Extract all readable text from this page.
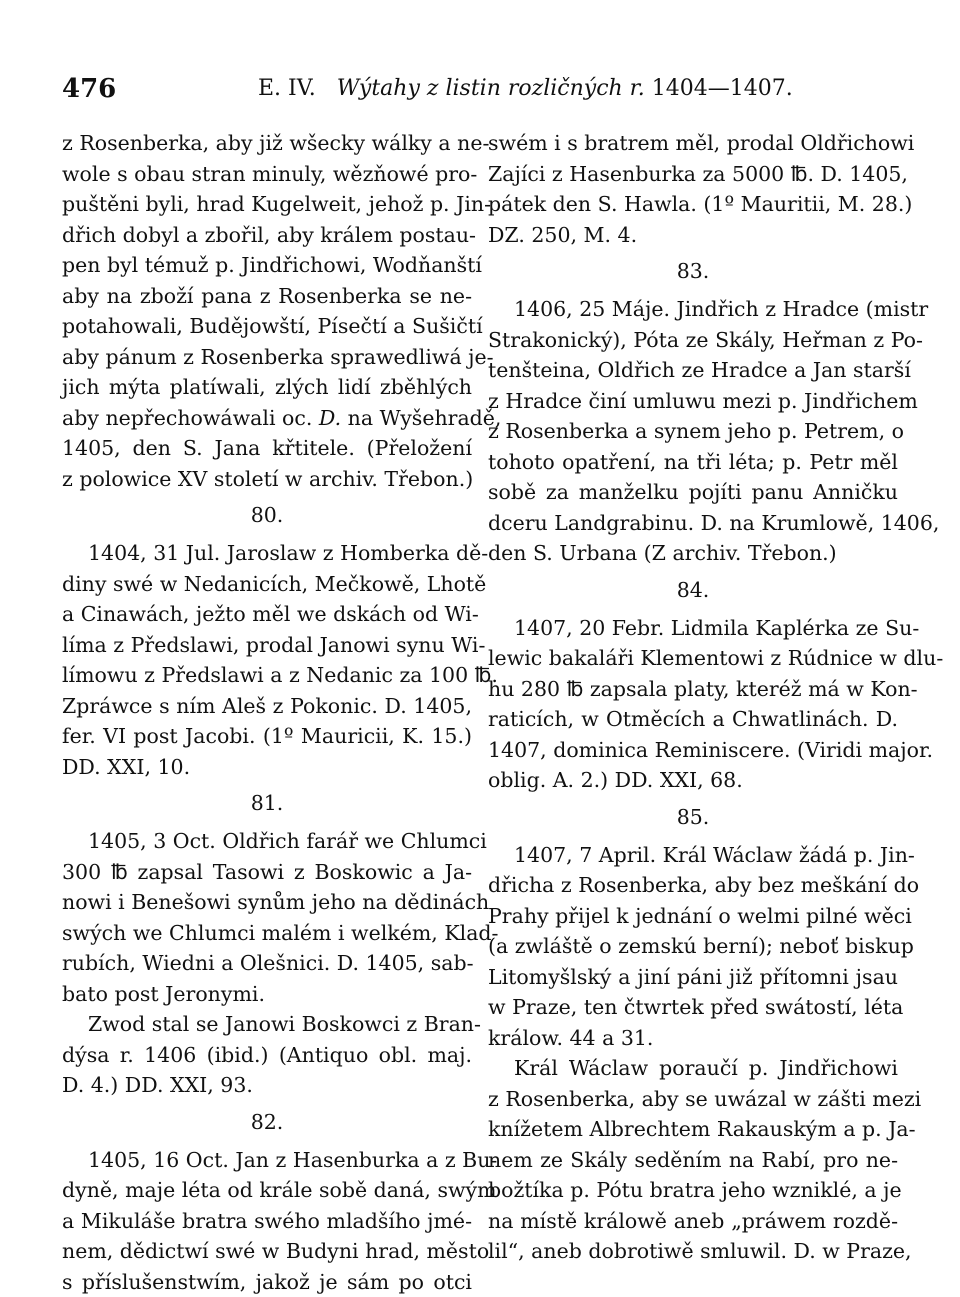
476	E. IV. Wýtahy z listin rozličných r. 1404—1407.
z Rosenberka, aby již wšecky wálky a ne-
wole s obau stran minuly, wězňowé pro-
puštěni byli, hrad Kugelweit, jehož p. Jin-
dřich dobyl a zbořil, aby králem postau-
pen byl témuž p. Jindřichowi, Wodňanští
aby na zboží pana z Rosenberka se ne-
potahowali, Budějowští, Písečtí a Sušičtí
aby pánum z Rosenberka sprawedliwá je-
jich mýta platíwali, zlých lidí zběhlých
aby nepřechowáwali oc. D. na Wyšehradě,
1405, den S. Jana křtitele. (Přeložení
z polowice XV století w archiv. Třebon.)
80.
1404, 31 Jul. Jaroslaw z Homberka dě-
diny swé w Nedanicích, Mečkowě, Lhotě
a Cinawách, ježto měl we dskách od Wi-
líma z Předslawi, prodal Janowi synu Wi-
límowu z Předslawi a z Nedanic za 100 ℔.
Zpráwce s ním Aleš z Pokonic. D. 1405,
fer. VI post Jacobi. (1º Mauricii, K. 15.)
DD. XXI, 10.
81.
1405, 3 Oct. Oldřich farář we Chlumci
300 ℔ zapsal Tasowi z Boskowic a Ja-
nowi i Benešowi synům jeho na dědinách
swých we Chlumci malém i welkém, Klad-
rubích, Wiedni a Olešnici. D. 1405, sab-
bato post Jeronymi.
Zwod stal se Janowi Boskowci z Bran-
dýsa r. 1406 (ibid.) (Antiquo obl. maj.
D. 4.) DD. XXI, 93.
82.
1405, 16 Oct. Jan z Hasenburka a z Bu-
dyně, maje léta od krále sobě daná, swým
a Mikuláše bratra swého mladšího jmé-
nem, dědictwí swé w Budyni hrad, město
s příslušenstwím, jakož je sám po otci
swém i s bratrem měl, prodal Oldřichowi
Zajíci z Hasenburka za 5000 ℔. D. 1405,
pátek den S. Hawla. (1º Mauritii, M. 28.)
DZ. 250, M. 4.
83.
1406, 25 Máje. Jindřich z Hradce (mistr
Strakonický), Póta ze Skály, Heřman z Po-
tenšteina, Oldřich ze Hradce a Jan starší
z Hradce činí umluwu mezi p. Jindřichem
z Rosenberka a synem jeho p. Petrem, o
tohoto opatření, na tři léta; p. Petr měl
sobě za manželku pojíti panu Anničku
dceru Landgrabinu. D. na Krumlowě, 1406,
den S. Urbana (Z archiv. Třebon.)
84.
1407, 20 Febr. Lidmila Kaplérka ze Su-
lewic bakaláři Klementowi z Rúdnice w dlu-
hu 280 ℔ zapsala platy, kteréž má w Kon-
raticích, w Otměcích a Chwatlinách. D.
1407, dominica Reminiscere. (Viridi major.
oblig. A. 2.) DD. XXI, 68.
85.
1407, 7 April. Král Wáclaw žádá p. Jin-
dřicha z Rosenberka, aby bez meškání do
Prahy přijel k jednání o welmi pilné wěci
(a zwláště o zemskú berní); neboť biskup
Litomyšlský a jiní páni již přítomni jsau
w Praze, ten čtwrtek před swátostí, léta
králow. 44 a 31.
Král Wáclaw poraučí p. Jindřichowi
z Rosenberka, aby se uwázal w zášti mezi
knížetem Albrechtem Rakauským a p. Ja-
nem ze Skály seděním na Rabí, pro ne-
božtíka p. Pótu bratra jeho wzniklé, a je
na místě králowě aneb „práwem rozdě-
lil“, aneb dobrotiwě smluwil. D. w Praze,
